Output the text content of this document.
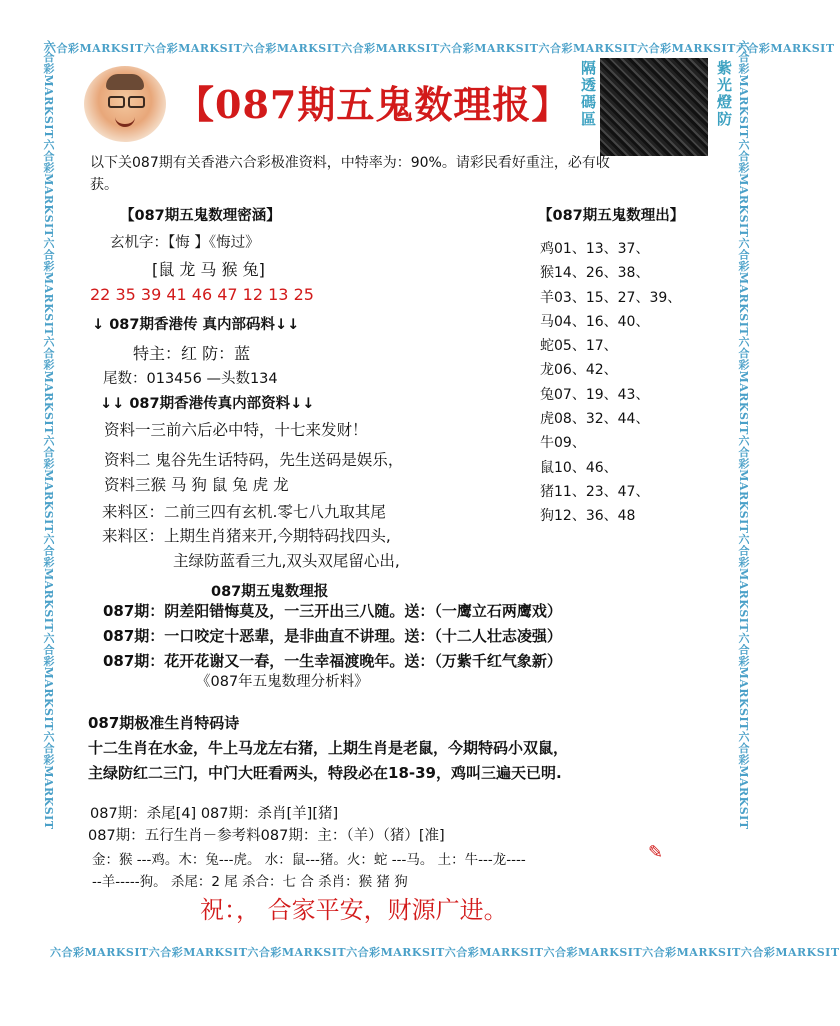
六合彩MARKSIT六合彩MARKSIT六合彩MARKSIT六合彩MARKSIT六合彩MARKSIT六合彩MARKSIT六合彩MARKSIT六合彩MARKSIT
六合彩MARKSIT六合彩MARKSIT六合彩MARKSIT六合彩MARKSIT六合彩MARKSIT六合彩MARKSIT六合彩MARKSIT六合彩MARKSIT
六合彩MARKSIT六合彩MARKSIT六合彩MARKSIT六合彩MARKSIT六合彩MARKSIT六合彩MARKSIT六合彩MARKSIT六合彩MARKSIT	六合彩MARKSIT六合彩MARKSIT六合彩MARKSIT六合彩MARKSIT六合彩MARKSIT六合彩MARKSIT六合彩MARKSIT六合彩MARKSIT
【087期五鬼数理报】 隔透碼區	紫光燈防
以下关087期有关香港六合彩极准资料，中特率为：90%。请彩民看好重注，必有收
获。
【087期五鬼数理密涵】
玄机字：【悔 】《悔过》
[鼠 龙 马 猴 兔]
22 35 39 41 46 47 12 13 25
↓ 087期香港传 真内部码料↓↓
特主：红 防：蓝
尾数：013456 —头数134
↓↓ 087期香港传真内部资料↓↓
资料一三前六后必中特，十七来发财！
资料二 鬼谷先生话特码，先生送码是娱乐，
资料三猴 马 狗 鼠 兔 虎 龙
来料区：二前三四有玄机.零七八九取其尾
来料区：上期生肖猪来开,今期特码找四头,
主绿防蓝看三九,双头双尾留心出,
【087期五鬼数理出】
鸡01、13、37、
猴14、26、38、
羊03、15、27、39、
马04、16、40、
蛇05、17、
龙06、42、
兔07、19、43、
虎08、32、44、
牛09、
鼠10、46、
猪11、23、47、
狗12、36、48
087期五鬼数理报
087期：阴差阳错悔莫及，一三开出三八随。送：（一鹰立石两鹰戏）
087期：一口咬定十恶辈，是非曲直不讲理。送：（十二人壮志凌强）
087期：花开花谢又一春，一生幸福渡晚年。送：（万紫千红气象新）
《087年五鬼数理分析料》
087期极准生肖特码诗
十二生肖在水金，牛上马龙左右猪，上期生肖是老鼠，今期特码小双鼠，
主绿防红二三门，中门大旺看两头，特段必在18-39，鸡叫三遍天已明.
087期：杀尾[4] 087期：杀肖[羊][猪]
087期：五行生肖－参考料087期：主：（羊）（猪）[准]
金：猴 ---鸡。木：兔---虎。 水：鼠---猪。火：蛇 ---马。 土：牛---龙----
--羊-----狗。 杀尾：2 尾 杀合：七 合 杀肖：猴 猪 狗
✎
祝：， 合家平安，财源广进。
